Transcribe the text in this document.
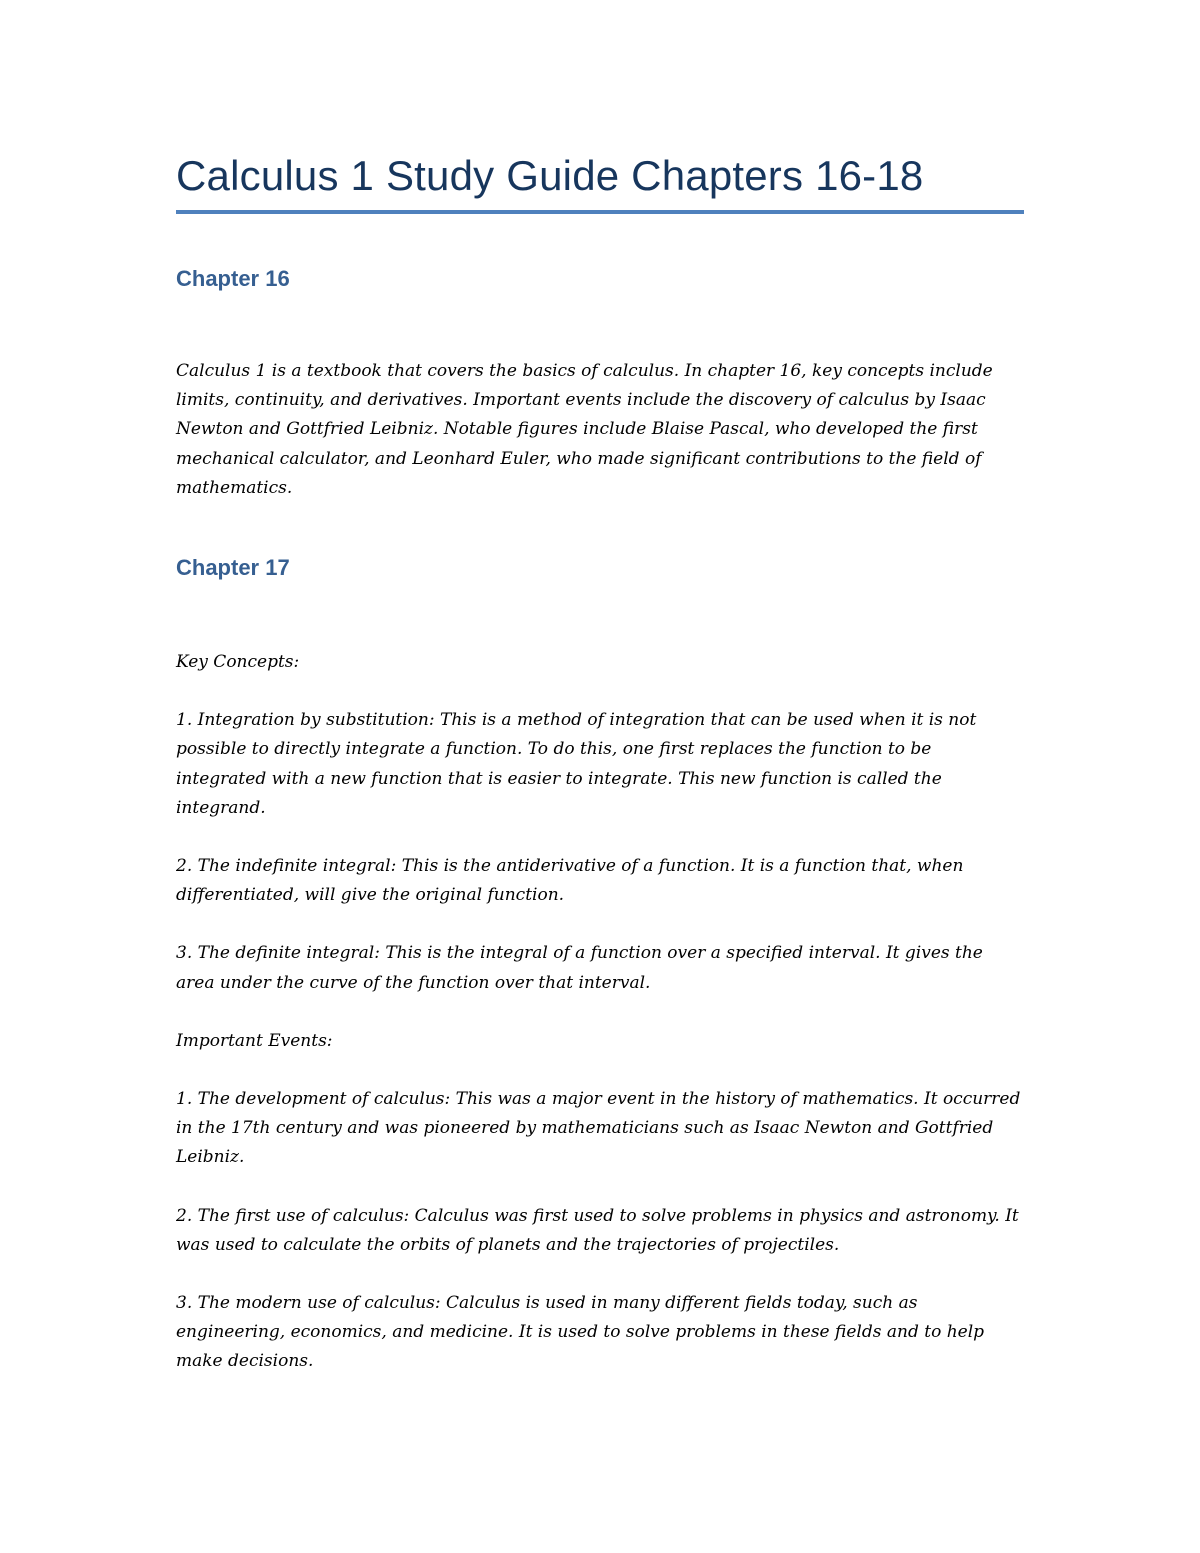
Calculus 1 Study Guide Chapters 16-18
Chapter 16

Calculus 1 is a textbook that covers the basics of calculus. In chapter 16, key concepts include limits, continuity, and derivatives. Important events include the discovery of calculus by Isaac Newton and Gottfried Leibniz. Notable figures include Blaise Pascal, who developed the first mechanical calculator, and Leonhard Euler, who made significant contributions to the field of mathematics.

Chapter 17

Key Concepts:

1. Integration by substitution: This is a method of integration that can be used when it is not possible to directly integrate a function. To do this, one first replaces the function to be integrated with a new function that is easier to integrate. This new function is called the integrand.

2. The indefinite integral: This is the antiderivative of a function. It is a function that, when differentiated, will give the original function.

3. The definite integral: This is the integral of a function over a specified interval. It gives the area under the curve of the function over that interval.

Important Events:

1. The development of calculus: This was a major event in the history of mathematics. It occurred in the 17th century and was pioneered by mathematicians such as Isaac Newton and Gottfried Leibniz.

2. The first use of calculus: Calculus was first used to solve problems in physics and astronomy. It was used to calculate the orbits of planets and the trajectories of projectiles.

3. The modern use of calculus: Calculus is used in many different fields today, such as engineering, economics, and medicine. It is used to solve problems in these fields and to help make decisions.
